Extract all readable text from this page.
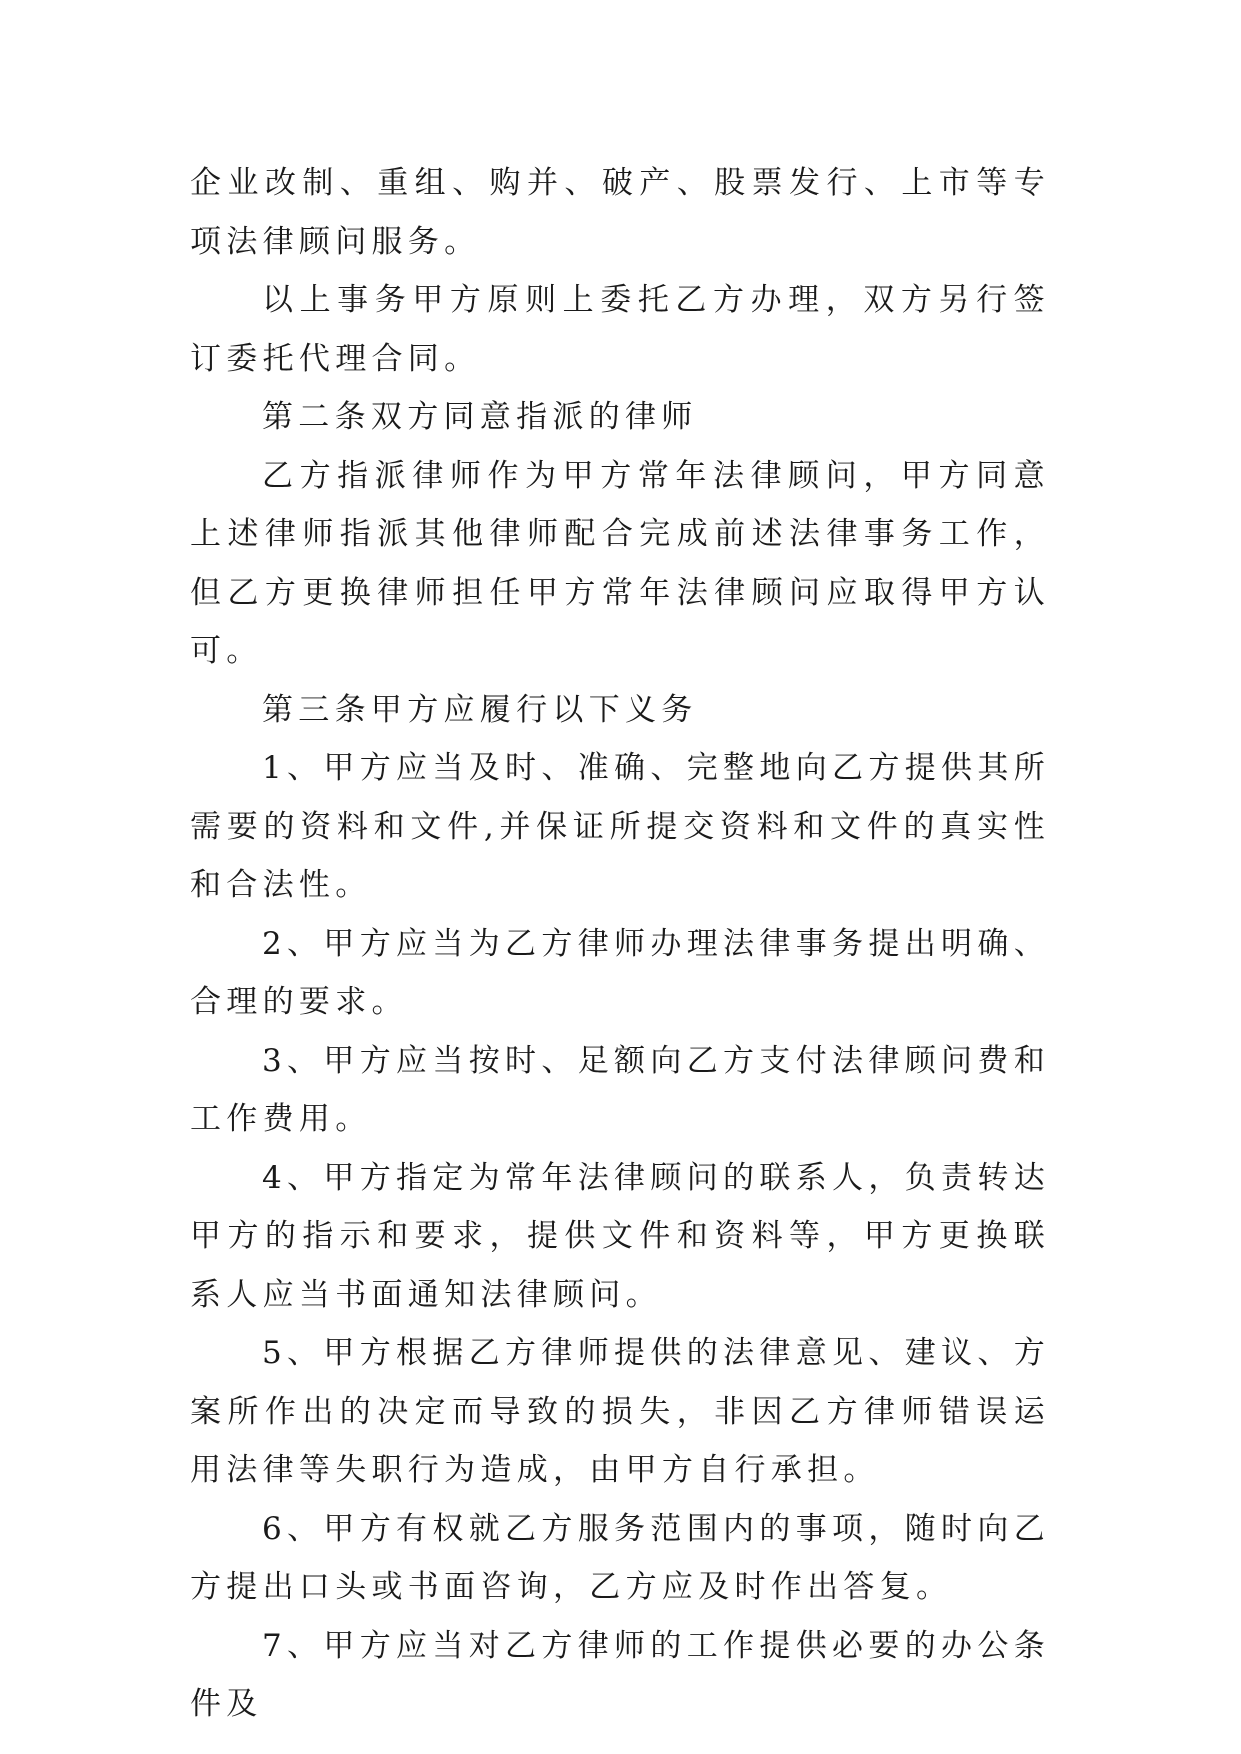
企业改制、重组、购并、破产、股票发行、上市等专项法律顾问服务。

以上事务甲方原则上委托乙方办理，双方另行签订委托代理合同。

第二条双方同意指派的律师

乙方指派律师作为甲方常年法律顾问，甲方同意上述律师指派其他律师配合完成前述法律事务工作，但乙方更换律师担任甲方常年法律顾问应取得甲方认可。

第三条甲方应履行以下义务

1、甲方应当及时、准确、完整地向乙方提供其所需要的资料和文件,并保证所提交资料和文件的真实性和合法性。

2、甲方应当为乙方律师办理法律事务提出明确、合理的要求。

3、甲方应当按时、足额向乙方支付法律顾问费和工作费用。

4、甲方指定为常年法律顾问的联系人，负责转达甲方的指示和要求，提供文件和资料等，甲方更换联系人应当书面通知法律顾问。

5、甲方根据乙方律师提供的法律意见、建议、方案所作出的决定而导致的损失，非因乙方律师错误运用法律等失职行为造成，由甲方自行承担。

6、甲方有权就乙方服务范围内的事项，随时向乙方提出口头或书面咨询，乙方应及时作出答复。

7、甲方应当对乙方律师的工作提供必要的办公条件及
